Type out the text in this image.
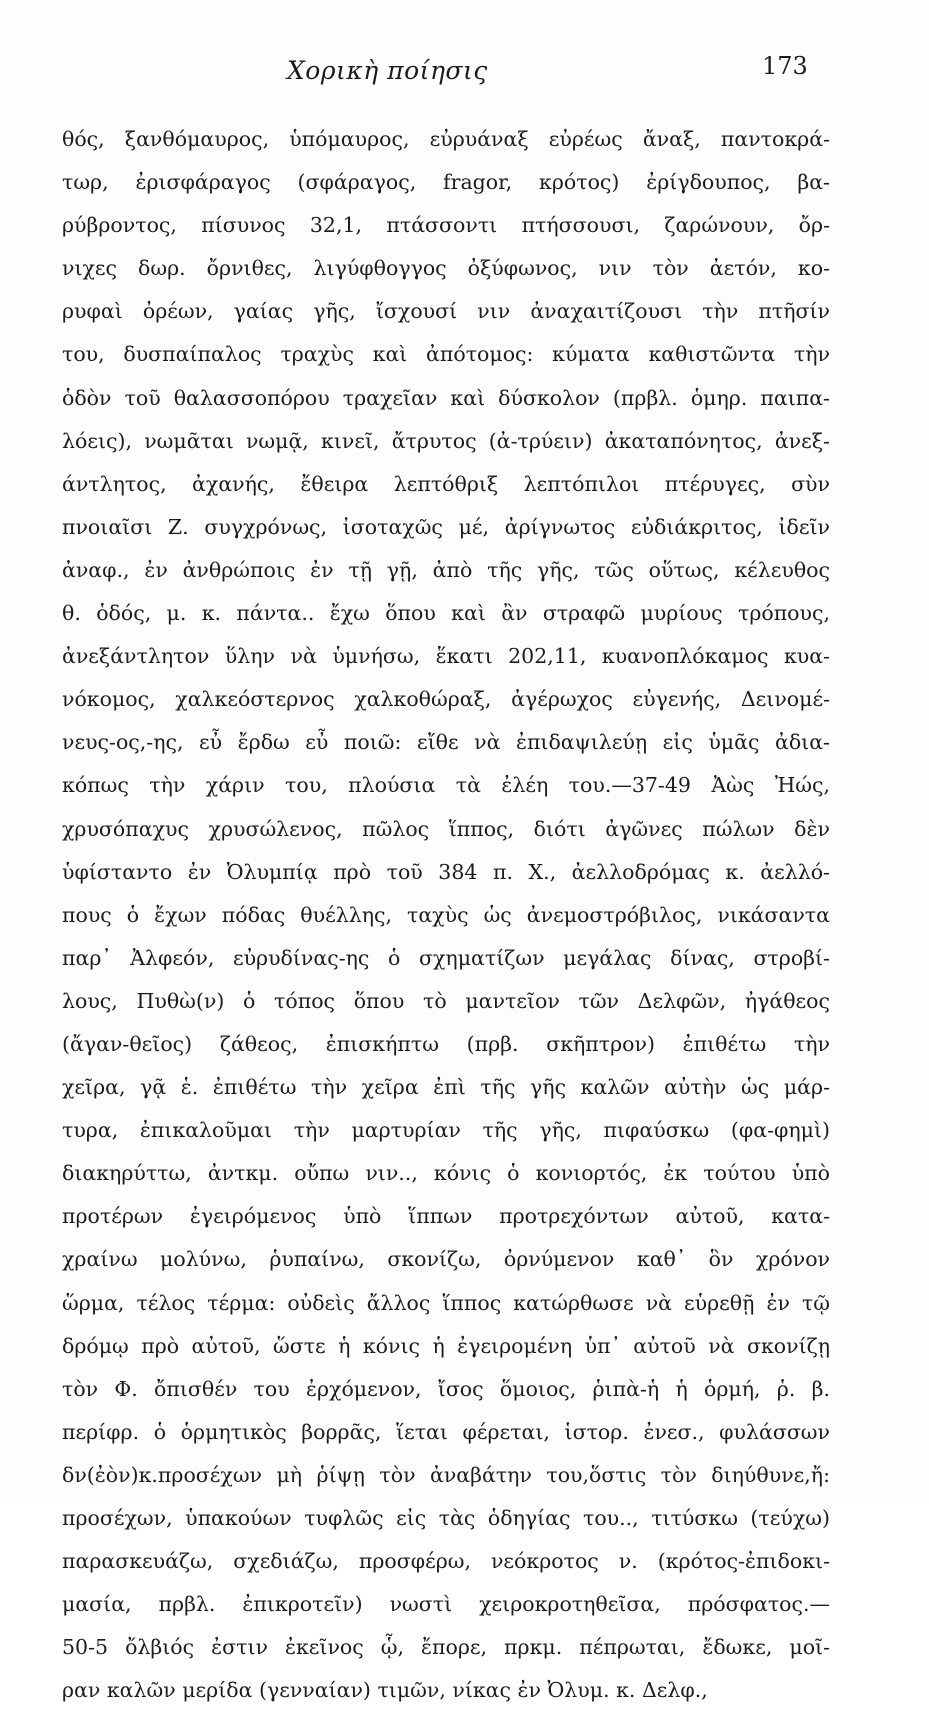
Χορικὴ ποίησις	173
θός, ξανθόμαυρος, ὑπόμαυρος, εὐρυάναξ εὐρέως ἄναξ, παντοκρά-
τωρ, ἐρισφάραγος (σφάραγος, fragor, κρότος) ἐρίγδουπος, βα-
ρύβροντος, πίσυνος 32,1, πτάσσοντι πτήσσουσι, ζαρώνουν, ὄρ-
νιχες δωρ. ὄρνιθες, λιγύφθογγος ὀξύφωνος, νιν τὸν ἀετόν, κο-
ρυφαὶ ὀρέων, γαίας γῆς, ἴσχουσί νιν ἀναχαιτίζουσι τὴν πτῆσίν
του, δυσπαίπαλος τραχὺς καὶ ἀπότομος: κύματα καθιστῶντα τὴν
ὁδὸν τοῦ θαλασσοπόρου τραχεῖαν καὶ δύσκολον (πρβλ. ὁμηρ. παιπα-
λόεις), νωμᾶται νωμᾷ, κινεῖ, ἄτρυτος (ἀ-τρύειν) ἀκαταπόνητος, ἀνεξ-
άντλητος, ἀχανής, ἔθειρα λεπτόθριξ λεπτόπιλοι πτέρυγες, σὺν
πνοιαῖσι Ζ. συγχρόνως, ἰσοταχῶς μέ, ἀρίγνωτος εὐδιάκριτος, ἰδεῖν
ἀναφ., ἐν ἀνθρώποις ἐν τῇ γῇ, ἀπὸ τῆς γῆς, τῶς οὕτως, κέλευθος
θ. ὁδός, μ. κ. πάντα.. ἔχω ὅπου καὶ ἂν στραφῶ μυρίους τρόπους,
ἀνεξάντλητον ὕλην νὰ ὑμνήσω, ἕκατι 202,11, κυανοπλόκαμος κυα-
νόκομος, χαλκεόστερνος χαλκοθώραξ, ἀγέρωχος εὐγενής, Δεινομέ-
νευς-ος,-ης, εὖ ἔρδω εὖ ποιῶ: εἴθε νὰ ἐπιδαψιλεύῃ εἰς ὑμᾶς ἀδια-
κόπως τὴν χάριν του, πλούσια τὰ ἐλέη του.—37-49 Ἀὼς Ἠώς,
χρυσόπαχυς χρυσώλενος, πῶλος ἵππος, διότι ἀγῶνες πώλων δὲν
ὑφίσταντο ἐν Ὀλυμπίᾳ πρὸ τοῦ 384 π. Χ., ἀελλοδρόμας κ. ἀελλό-
πους ὁ ἔχων πόδας θυέλλης, ταχὺς ὡς ἀνεμοστρόβιλος, νικάσαντα
παρ᾽ Ἀλφεόν, εὐρυδίνας-ης ὁ σχηματίζων μεγάλας δίνας, στροβί-
λους, Πυθὼ(ν) ὁ τόπος ὅπου τὸ μαντεῖον τῶν Δελφῶν, ἠγάθεος
(ἄγαν-θεῖος) ζάθεος, ἐπισκήπτω (πρβ. σκῆπτρον) ἐπιθέτω τὴν
χεῖρα, γᾷ ἑ. ἐπιθέτω τὴν χεῖρα ἐπὶ τῆς γῆς καλῶν αὐτὴν ὡς μάρ-
τυρα, ἐπικαλοῦμαι τὴν μαρτυρίαν τῆς γῆς, πιφαύσκω (φα-φημὶ)
διακηρύττω, ἀντκμ. οὔπω νιν.., κόνις ὁ κονιορτός, ἐκ τούτου ὑπὸ
προτέρων ἐγειρόμενος ὑπὸ ἵππων προτρεχόντων αὐτοῦ, κατα-
χραίνω μολύνω, ῥυπαίνω, σκονίζω, ὀρνύμενον καθ᾽ ὃν χρόνον
ὥρμα, τέλος τέρμα: οὐδεὶς ἄλλος ἵππος κατώρθωσε νὰ εὑρεθῇ ἐν τῷ
δρόμῳ πρὸ αὐτοῦ, ὥστε ἡ κόνις ἡ ἐγειρομένη ὑπ᾽ αὐτοῦ νὰ σκονίζῃ
τὸν Φ. ὄπισθέν του ἐρχόμενον, ἴσος ὅμοιος, ῥιπὰ-ἡ ἡ ὁρμή, ῥ. β.
περίφρ. ὁ ὁρμητικὸς βορρᾶς, ἵεται φέρεται, ἱστορ. ἐνεσ., φυλάσσων
δν(ἐὸν)κ.προσέχων μὴ ῥίψῃ τὸν ἀναβάτην του,ὅστις τὸν διηύθυνε,ἤ:
προσέχων, ὑπακούων τυφλῶς εἰς τὰς ὁδηγίας του.., τιτύσκω (τεύχω)
παρασκευάζω, σχεδιάζω, προσφέρω, νεόκροτος ν. (κρότος-ἐπιδοκι-
μασία, πρβλ. ἐπικροτεῖν) νωστὶ χειροκροτηθεῖσα, πρόσφατος.—
50-5 ὄλβιός ἐστιν ἐκεῖνος ᾧ, ἔπορε, πρκμ. πέπρωται, ἔδωκε, μοῖ-
ραν καλῶν μερίδα (γενναίαν) τιμῶν, νίκας ἐν Ὀλυμ. κ. Δελφ.,
